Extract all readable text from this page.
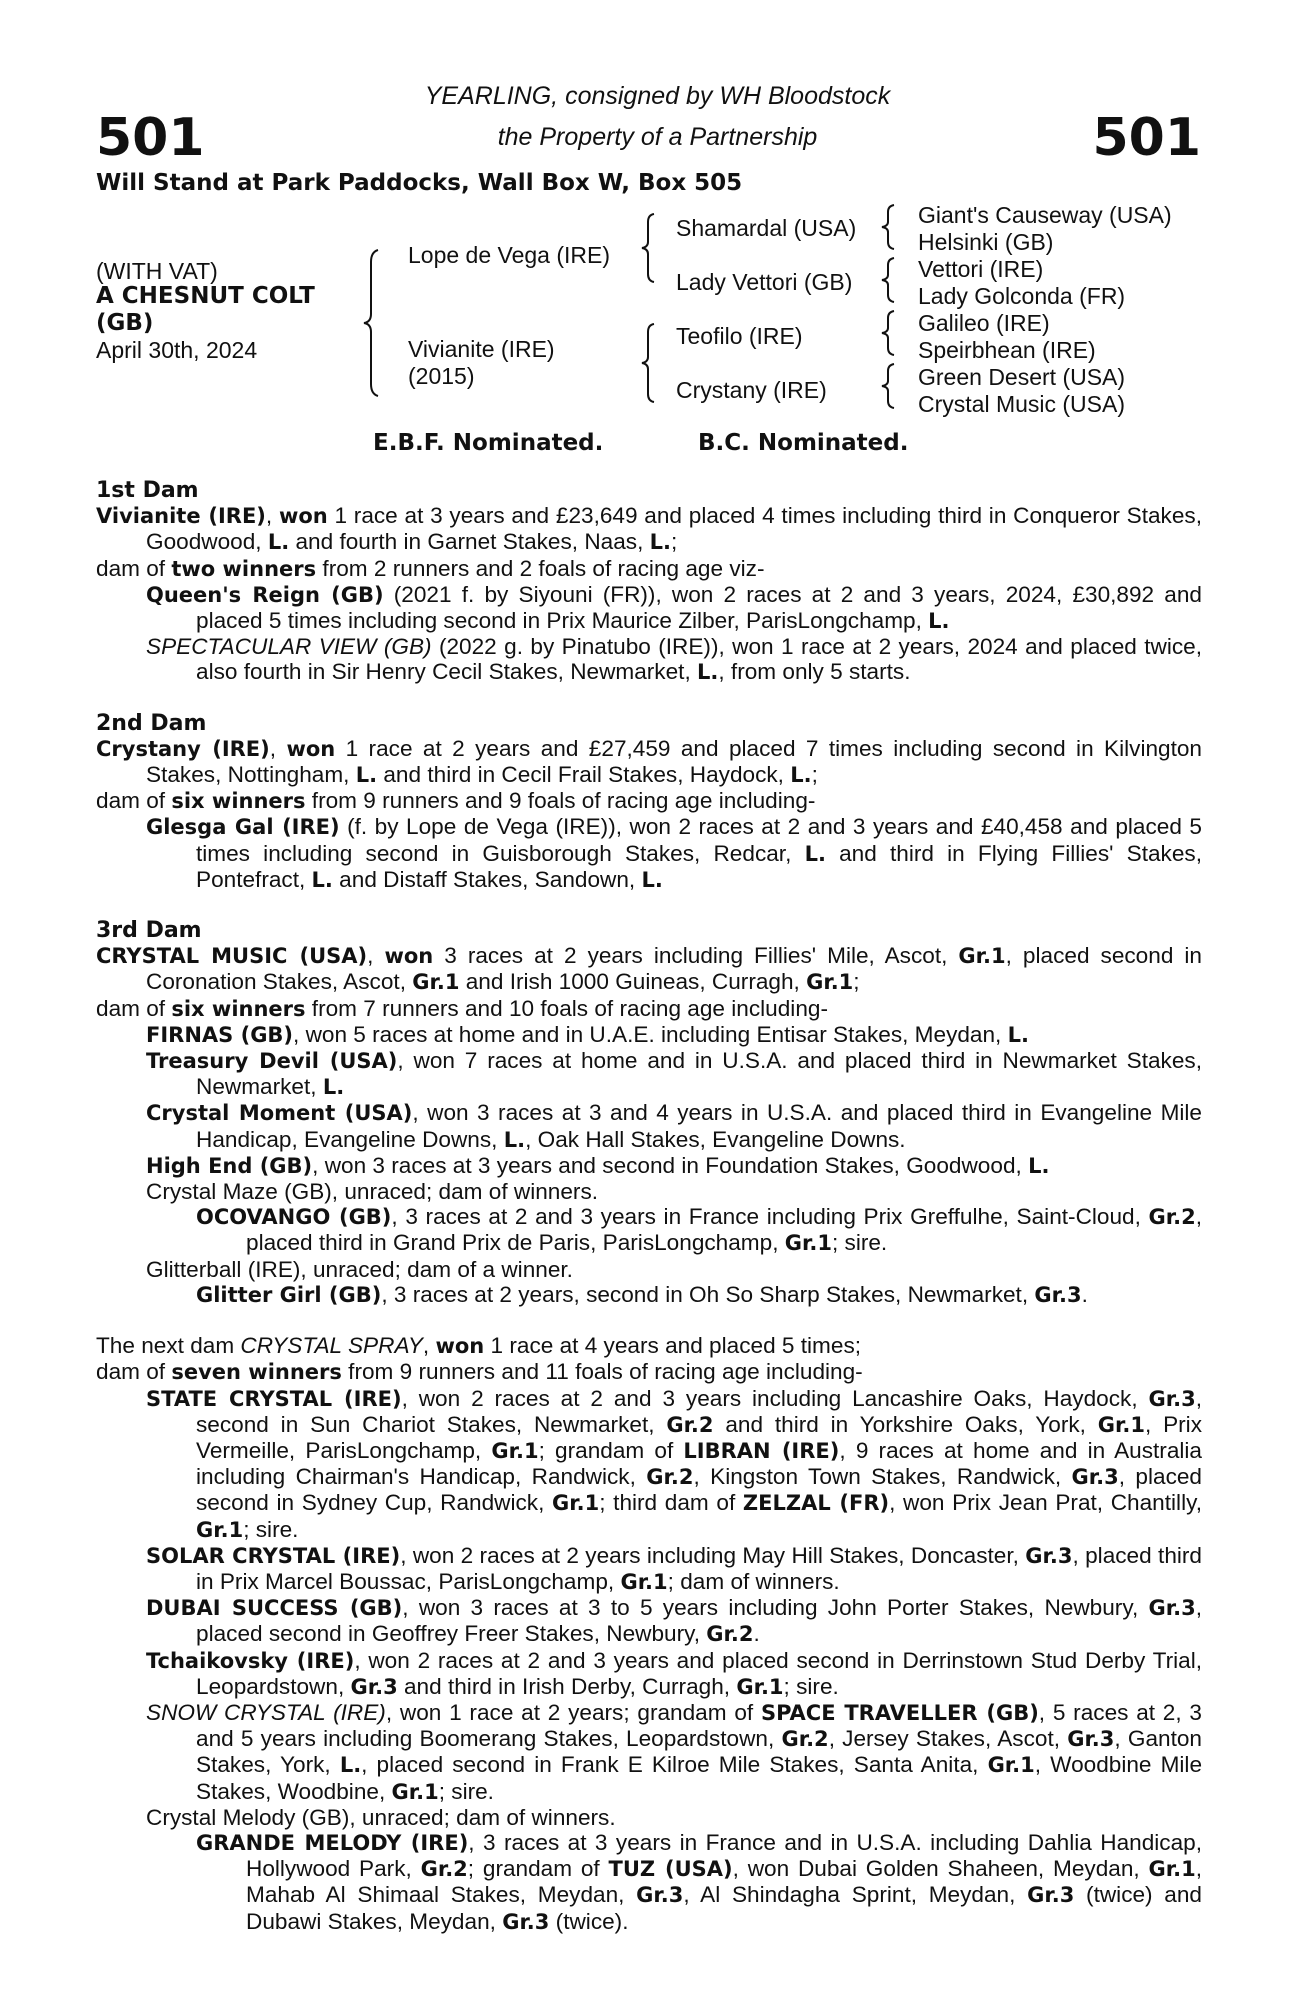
501	501
YEARLING, consigned by WH Bloodstock
the Property of a Partnership
Will Stand at Park Paddocks, Wall Box W, Box 505
(WITH VAT)
A CHESNUT COLT
(GB)
April 30th, 2024
Lope de Vega (IRE)
Vivianite (IRE)
(2015)
Shamardal (USA)
Lady Vettori (GB)
Teofilo (IRE)
Crystany (IRE)
Giant's Causeway (USA)
Helsinki (GB)
Vettori (IRE)
Lady Golconda (FR)
Galileo (IRE)
Speirbhean (IRE)
Green Desert (USA)
Crystal Music (USA)
E.B.F. Nominated.	B.C. Nominated.
1st Dam
Vivianite (IRE), won 1 race at 3 years and £23,649 and placed 4 times including third in Conqueror Stakes, Goodwood, L. and fourth in Garnet Stakes, Naas, L.;
dam of two winners from 2 runners and 2 foals of racing age viz-
Queen's Reign (GB) (2021 f. by Siyouni (FR)), won 2 races at 2 and 3 years, 2024, £30,892 and placed 5 times including second in Prix Maurice Zilber, ParisLongchamp, L.
SPECTACULAR VIEW (GB) (2022 g. by Pinatubo (IRE)), won 1 race at 2 years, 2024 and placed twice, also fourth in Sir Henry Cecil Stakes, Newmarket, L., from only 5 starts.
2nd Dam
Crystany (IRE), won 1 race at 2 years and £27,459 and placed 7 times including second in Kilvington Stakes, Nottingham, L. and third in Cecil Frail Stakes, Haydock, L.;
dam of six winners from 9 runners and 9 foals of racing age including-
Glesga Gal (IRE) (f. by Lope de Vega (IRE)), won 2 races at 2 and 3 years and £40,458 and placed 5 times including second in Guisborough Stakes, Redcar, L. and third in Flying Fillies' Stakes, Pontefract, L. and Distaff Stakes, Sandown, L.
3rd Dam
CRYSTAL MUSIC (USA), won 3 races at 2 years including Fillies' Mile, Ascot, Gr.1, placed second in Coronation Stakes, Ascot, Gr.1 and Irish 1000 Guineas, Curragh, Gr.1;
dam of six winners from 7 runners and 10 foals of racing age including-
FIRNAS (GB), won 5 races at home and in U.A.E. including Entisar Stakes, Meydan, L.
Treasury Devil (USA), won 7 races at home and in U.S.A. and placed third in Newmarket Stakes, Newmarket, L.
Crystal Moment (USA), won 3 races at 3 and 4 years in U.S.A. and placed third in Evangeline Mile Handicap, Evangeline Downs, L., Oak Hall Stakes, Evangeline Downs.
High End (GB), won 3 races at 3 years and second in Foundation Stakes, Goodwood, L.
Crystal Maze (GB), unraced; dam of winners.
OCOVANGO (GB), 3 races at 2 and 3 years in France including Prix Greffulhe, Saint-Cloud, Gr.2, placed third in Grand Prix de Paris, ParisLongchamp, Gr.1; sire.
Glitterball (IRE), unraced; dam of a winner.
Glitter Girl (GB), 3 races at 2 years, second in Oh So Sharp Stakes, Newmarket, Gr.3.
The next dam CRYSTAL SPRAY, won 1 race at 4 years and placed 5 times;
dam of seven winners from 9 runners and 11 foals of racing age including-
STATE CRYSTAL (IRE), won 2 races at 2 and 3 years including Lancashire Oaks, Haydock, Gr.3, second in Sun Chariot Stakes, Newmarket, Gr.2 and third in Yorkshire Oaks, York, Gr.1, Prix Vermeille, ParisLongchamp, Gr.1; grandam of LIBRAN (IRE), 9 races at home and in Australia including Chairman's Handicap, Randwick, Gr.2, Kingston Town Stakes, Randwick, Gr.3, placed second in Sydney Cup, Randwick, Gr.1; third dam of ZELZAL (FR), won Prix Jean Prat, Chantilly, Gr.1; sire.
SOLAR CRYSTAL (IRE), won 2 races at 2 years including May Hill Stakes, Doncaster, Gr.3, placed third in Prix Marcel Boussac, ParisLongchamp, Gr.1; dam of winners.
DUBAI SUCCESS (GB), won 3 races at 3 to 5 years including John Porter Stakes, Newbury, Gr.3, placed second in Geoffrey Freer Stakes, Newbury, Gr.2.
Tchaikovsky (IRE), won 2 races at 2 and 3 years and placed second in Derrinstown Stud Derby Trial, Leopardstown, Gr.3 and third in Irish Derby, Curragh, Gr.1; sire.
SNOW CRYSTAL (IRE), won 1 race at 2 years; grandam of SPACE TRAVELLER (GB), 5 races at 2, 3 and 5 years including Boomerang Stakes, Leopardstown, Gr.2, Jersey Stakes, Ascot, Gr.3, Ganton Stakes, York, L., placed second in Frank E Kilroe Mile Stakes, Santa Anita, Gr.1, Woodbine Mile Stakes, Woodbine, Gr.1; sire.
Crystal Melody (GB), unraced; dam of winners.
GRANDE MELODY (IRE), 3 races at 3 years in France and in U.S.A. including Dahlia Handicap, Hollywood Park, Gr.2; grandam of TUZ (USA), won Dubai Golden Shaheen, Meydan, Gr.1, Mahab Al Shimaal Stakes, Meydan, Gr.3, Al Shindagha Sprint, Meydan, Gr.3 (twice) and Dubawi Stakes, Meydan, Gr.3 (twice).
